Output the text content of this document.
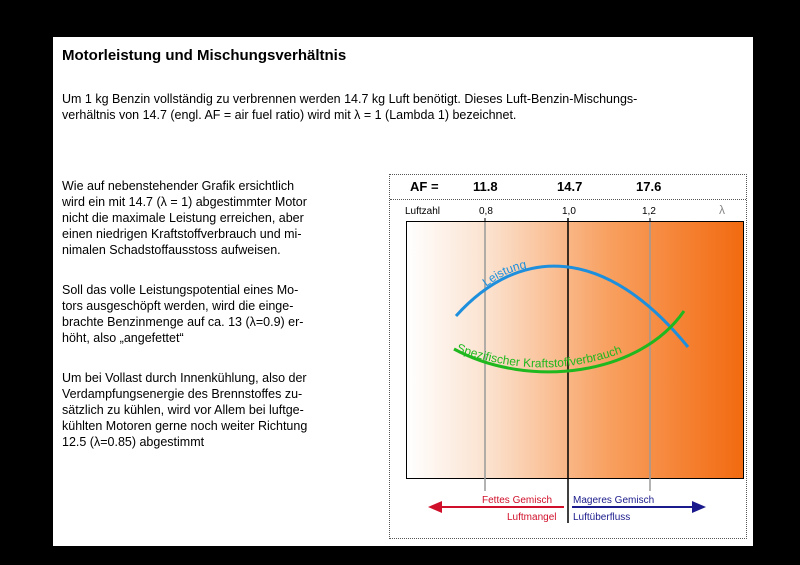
Motorleistung und Mischungsverhältnis
Um 1 kg Benzin vollständig zu verbrennen werden 14.7 kg Luft benötigt. Dieses Luft-Benzin-Mischungs-
verhältnis von 14.7 (engl. AF = air fuel ratio) wird mit λ = 1 (Lambda 1) bezeichnet.
Wie auf nebenstehender Grafik ersichtlich
wird ein mit 14.7 (λ = 1) abgestimmter Motor
nicht die maximale Leistung erreichen, aber
einen niedrigen Kraftstoffverbrauch und mi-
nimalen Schadstoffausstoss aufweisen.
Soll das volle Leistungspotential eines Mo-
tors ausgeschöpft werden, wird die einge-
brachte Benzinmenge auf ca. 13 (λ=0.9) er-
höht, also „angefettet“
Um bei Vollast durch Innenkühlung, also der
Verdampfungsenergie des Brennstoffes zu-
sätzlich zu kühlen, wird vor Allem bei luftge-
kühlten Motoren gerne noch weiter Richtung
12.5 (λ=0.85) abgestimmt
AF =	11.8	14.7	17.6
Luftzahl	0,8	1,0	1,2	λ
Leistung
Spezifischer Kraftstoffverbrauch
Fettes Gemisch
Luftmangel
Mageres Gemisch
Luftüberfluss
